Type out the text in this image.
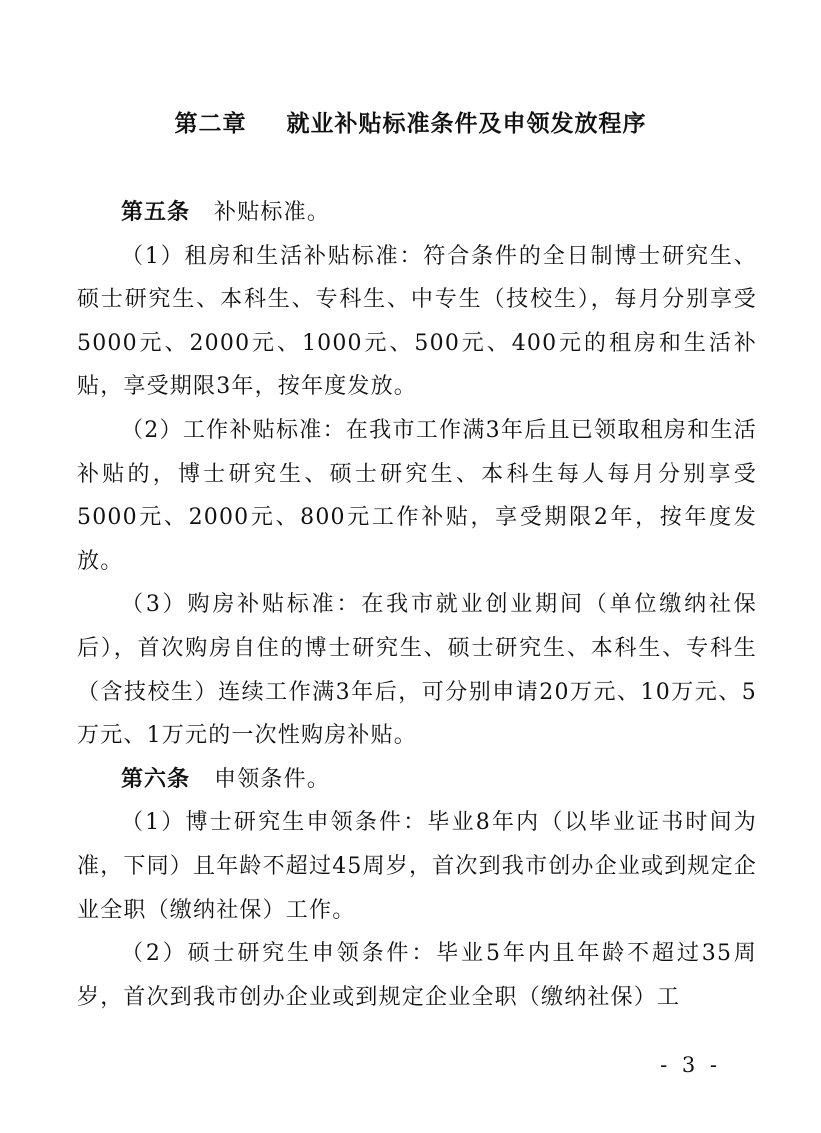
第二章 就业补贴标准条件及申领发放程序

第五条 补贴标准。

（1）租房和生活补贴标准：符合条件的全日制博士研究生、硕士研究生、本科生、专科生、中专生（技校生），每月分别享受5000元、2000元、1000元、500元、400元的租房和生活补贴，享受期限3年，按年度发放。

（2）工作补贴标准：在我市工作满3年后且已领取租房和生活补贴的，博士研究生、硕士研究生、本科生每人每月分别享受5000元、2000元、800元工作补贴，享受期限2年，按年度发放。

（3）购房补贴标准：在我市就业创业期间（单位缴纳社保后），首次购房自住的博士研究生、硕士研究生、本科生、专科生（含技校生）连续工作满3年后，可分别申请20万元、10万元、5万元、1万元的一次性购房补贴。

第六条 申领条件。

（1）博士研究生申领条件：毕业8年内（以毕业证书时间为准，下同）且年龄不超过45周岁，首次到我市创办企业或到规定企业全职（缴纳社保）工作。

（2）硕士研究生申领条件：毕业5年内且年龄不超过35周岁，首次到我市创办企业或到规定企业全职（缴纳社保）工

- 3 -
